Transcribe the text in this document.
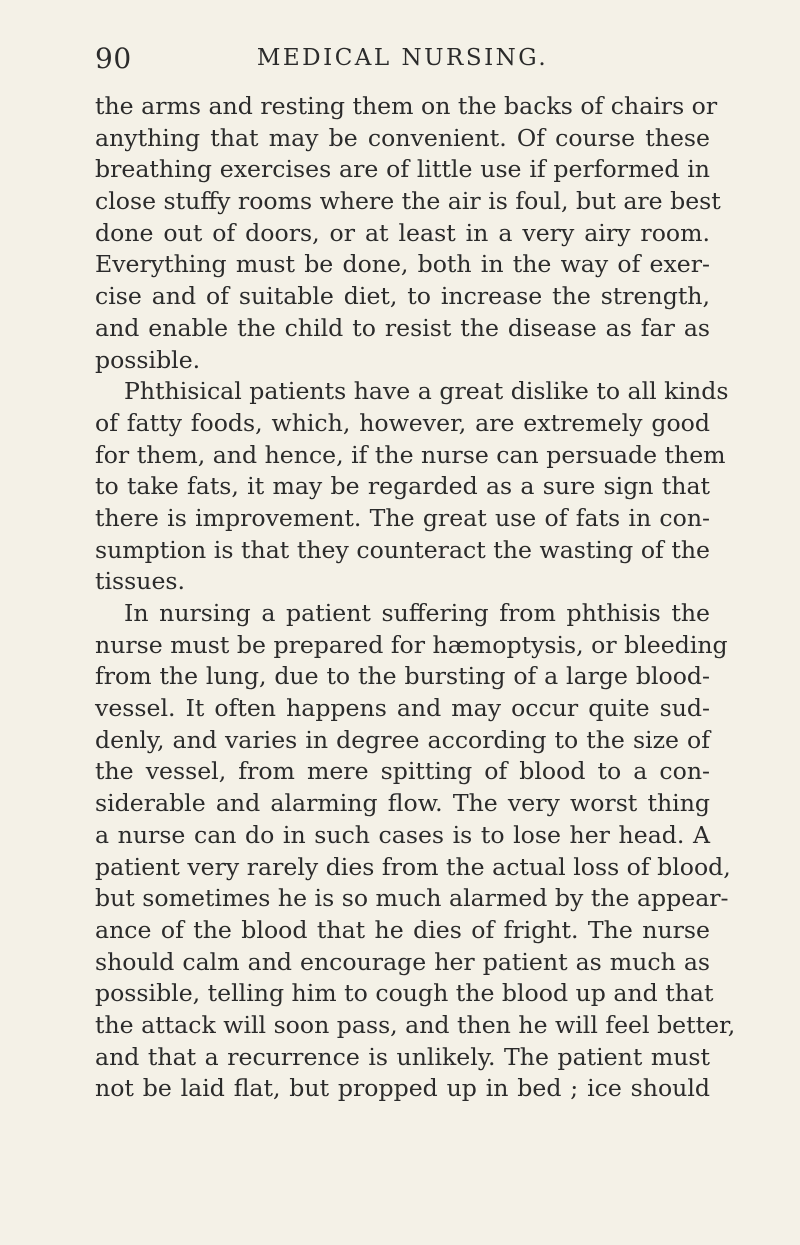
90	MEDICAL NURSING.
the arms and resting them on the backs of chairs or
anything that may be convenient. Of course these
breathing exercises are of little use if performed in
close stuffy rooms where the air is foul, but are best
done out of doors, or at least in a very airy room.
Everything must be done, both in the way of exer-
cise and of suitable diet, to increase the strength,
and enable the child to resist the disease as far as
possible.
Phthisical patients have a great dislike to all kinds
of fatty foods, which, however, are extremely good
for them, and hence, if the nurse can persuade them
to take fats, it may be regarded as a sure sign that
there is improvement. The great use of fats in con-
sumption is that they counteract the wasting of the
tissues.
In nursing a patient suffering from phthisis the
nurse must be prepared for hæmoptysis, or bleeding
from the lung, due to the bursting of a large blood-
vessel. It often happens and may occur quite sud-
denly, and varies in degree according to the size of
the vessel, from mere spitting of blood to a con-
siderable and alarming flow. The very worst thing
a nurse can do in such cases is to lose her head. A
patient very rarely dies from the actual loss of blood,
but sometimes he is so much alarmed by the appear-
ance of the blood that he dies of fright. The nurse
should calm and encourage her patient as much as
possible, telling him to cough the blood up and that
the attack will soon pass, and then he will feel better,
and that a recurrence is unlikely. The patient must
not be laid flat, but propped up in bed ; ice should
